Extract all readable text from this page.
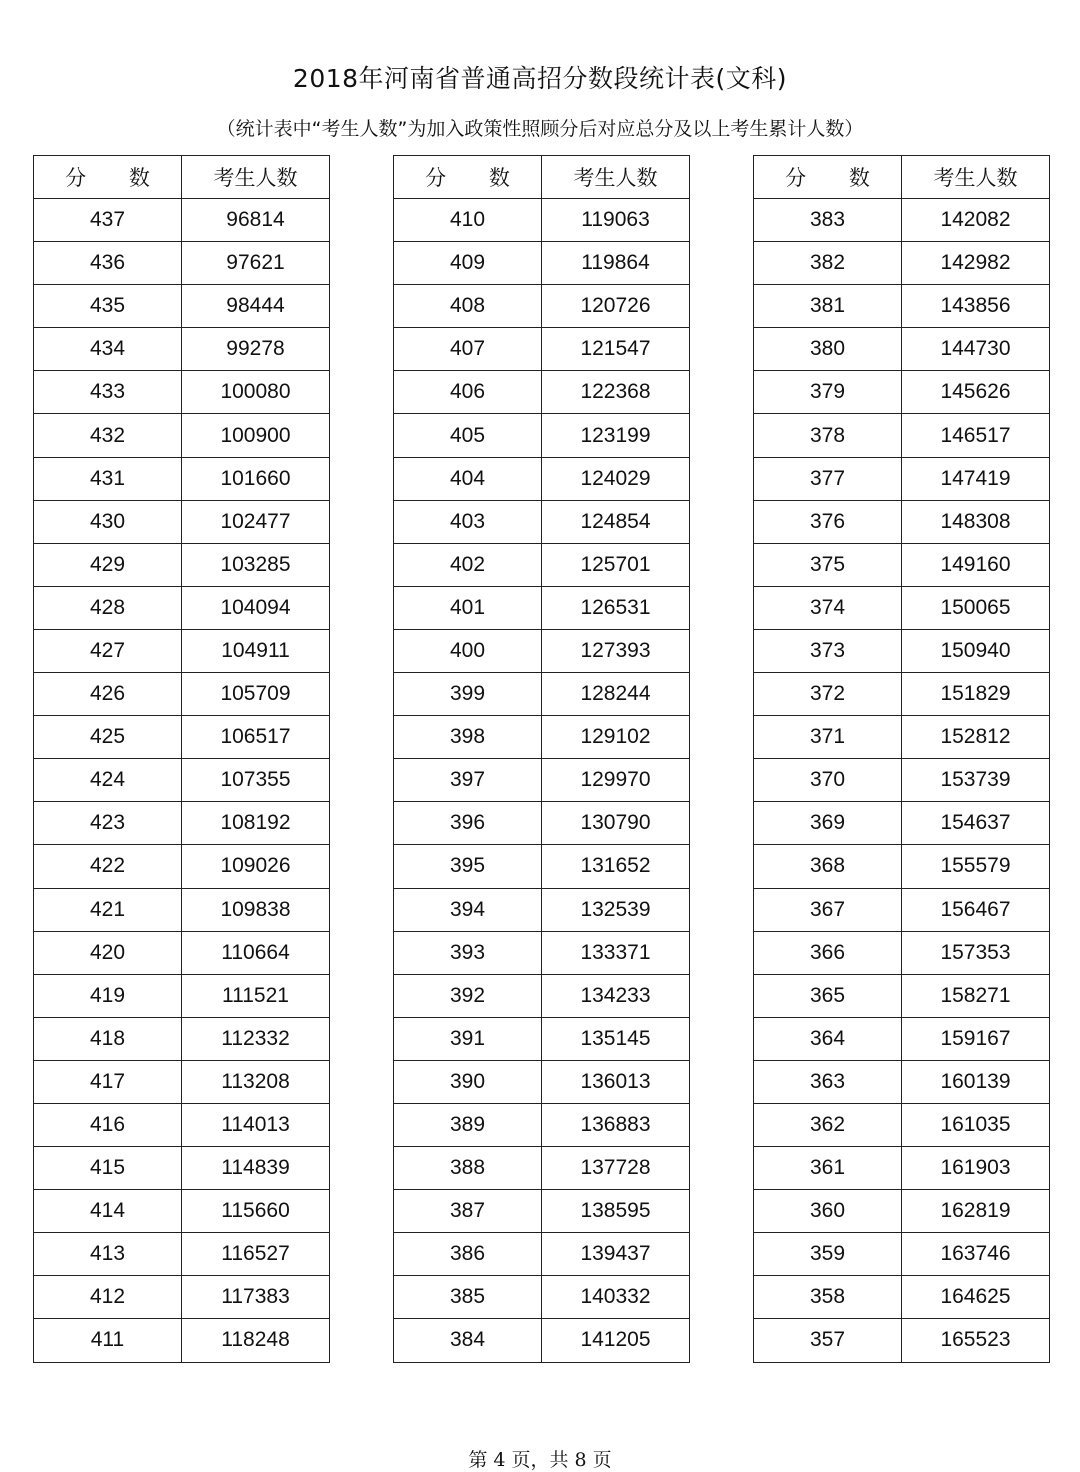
2018年河南省普通高招分数段统计表(文科)
（统计表中“考生人数”为加入政策性照顾分后对应总分及以上考生累计人数）
分 数	考生人数
437	96814
436	97621
435	98444
434	99278
433	100080
432	100900
431	101660
430	102477
429	103285
428	104094
427	104911
426	105709
425	106517
424	107355
423	108192
422	109026
421	109838
420	110664
419	111521
418	112332
417	113208
416	114013
415	114839
414	115660
413	116527
412	117383
411	118248
分 数	考生人数
410	119063
409	119864
408	120726
407	121547
406	122368
405	123199
404	124029
403	124854
402	125701
401	126531
400	127393
399	128244
398	129102
397	129970
396	130790
395	131652
394	132539
393	133371
392	134233
391	135145
390	136013
389	136883
388	137728
387	138595
386	139437
385	140332
384	141205
分 数	考生人数
383	142082
382	142982
381	143856
380	144730
379	145626
378	146517
377	147419
376	148308
375	149160
374	150065
373	150940
372	151829
371	152812
370	153739
369	154637
368	155579
367	156467
366	157353
365	158271
364	159167
363	160139
362	161035
361	161903
360	162819
359	163746
358	164625
357	165523
第 4 页，共 8 页
